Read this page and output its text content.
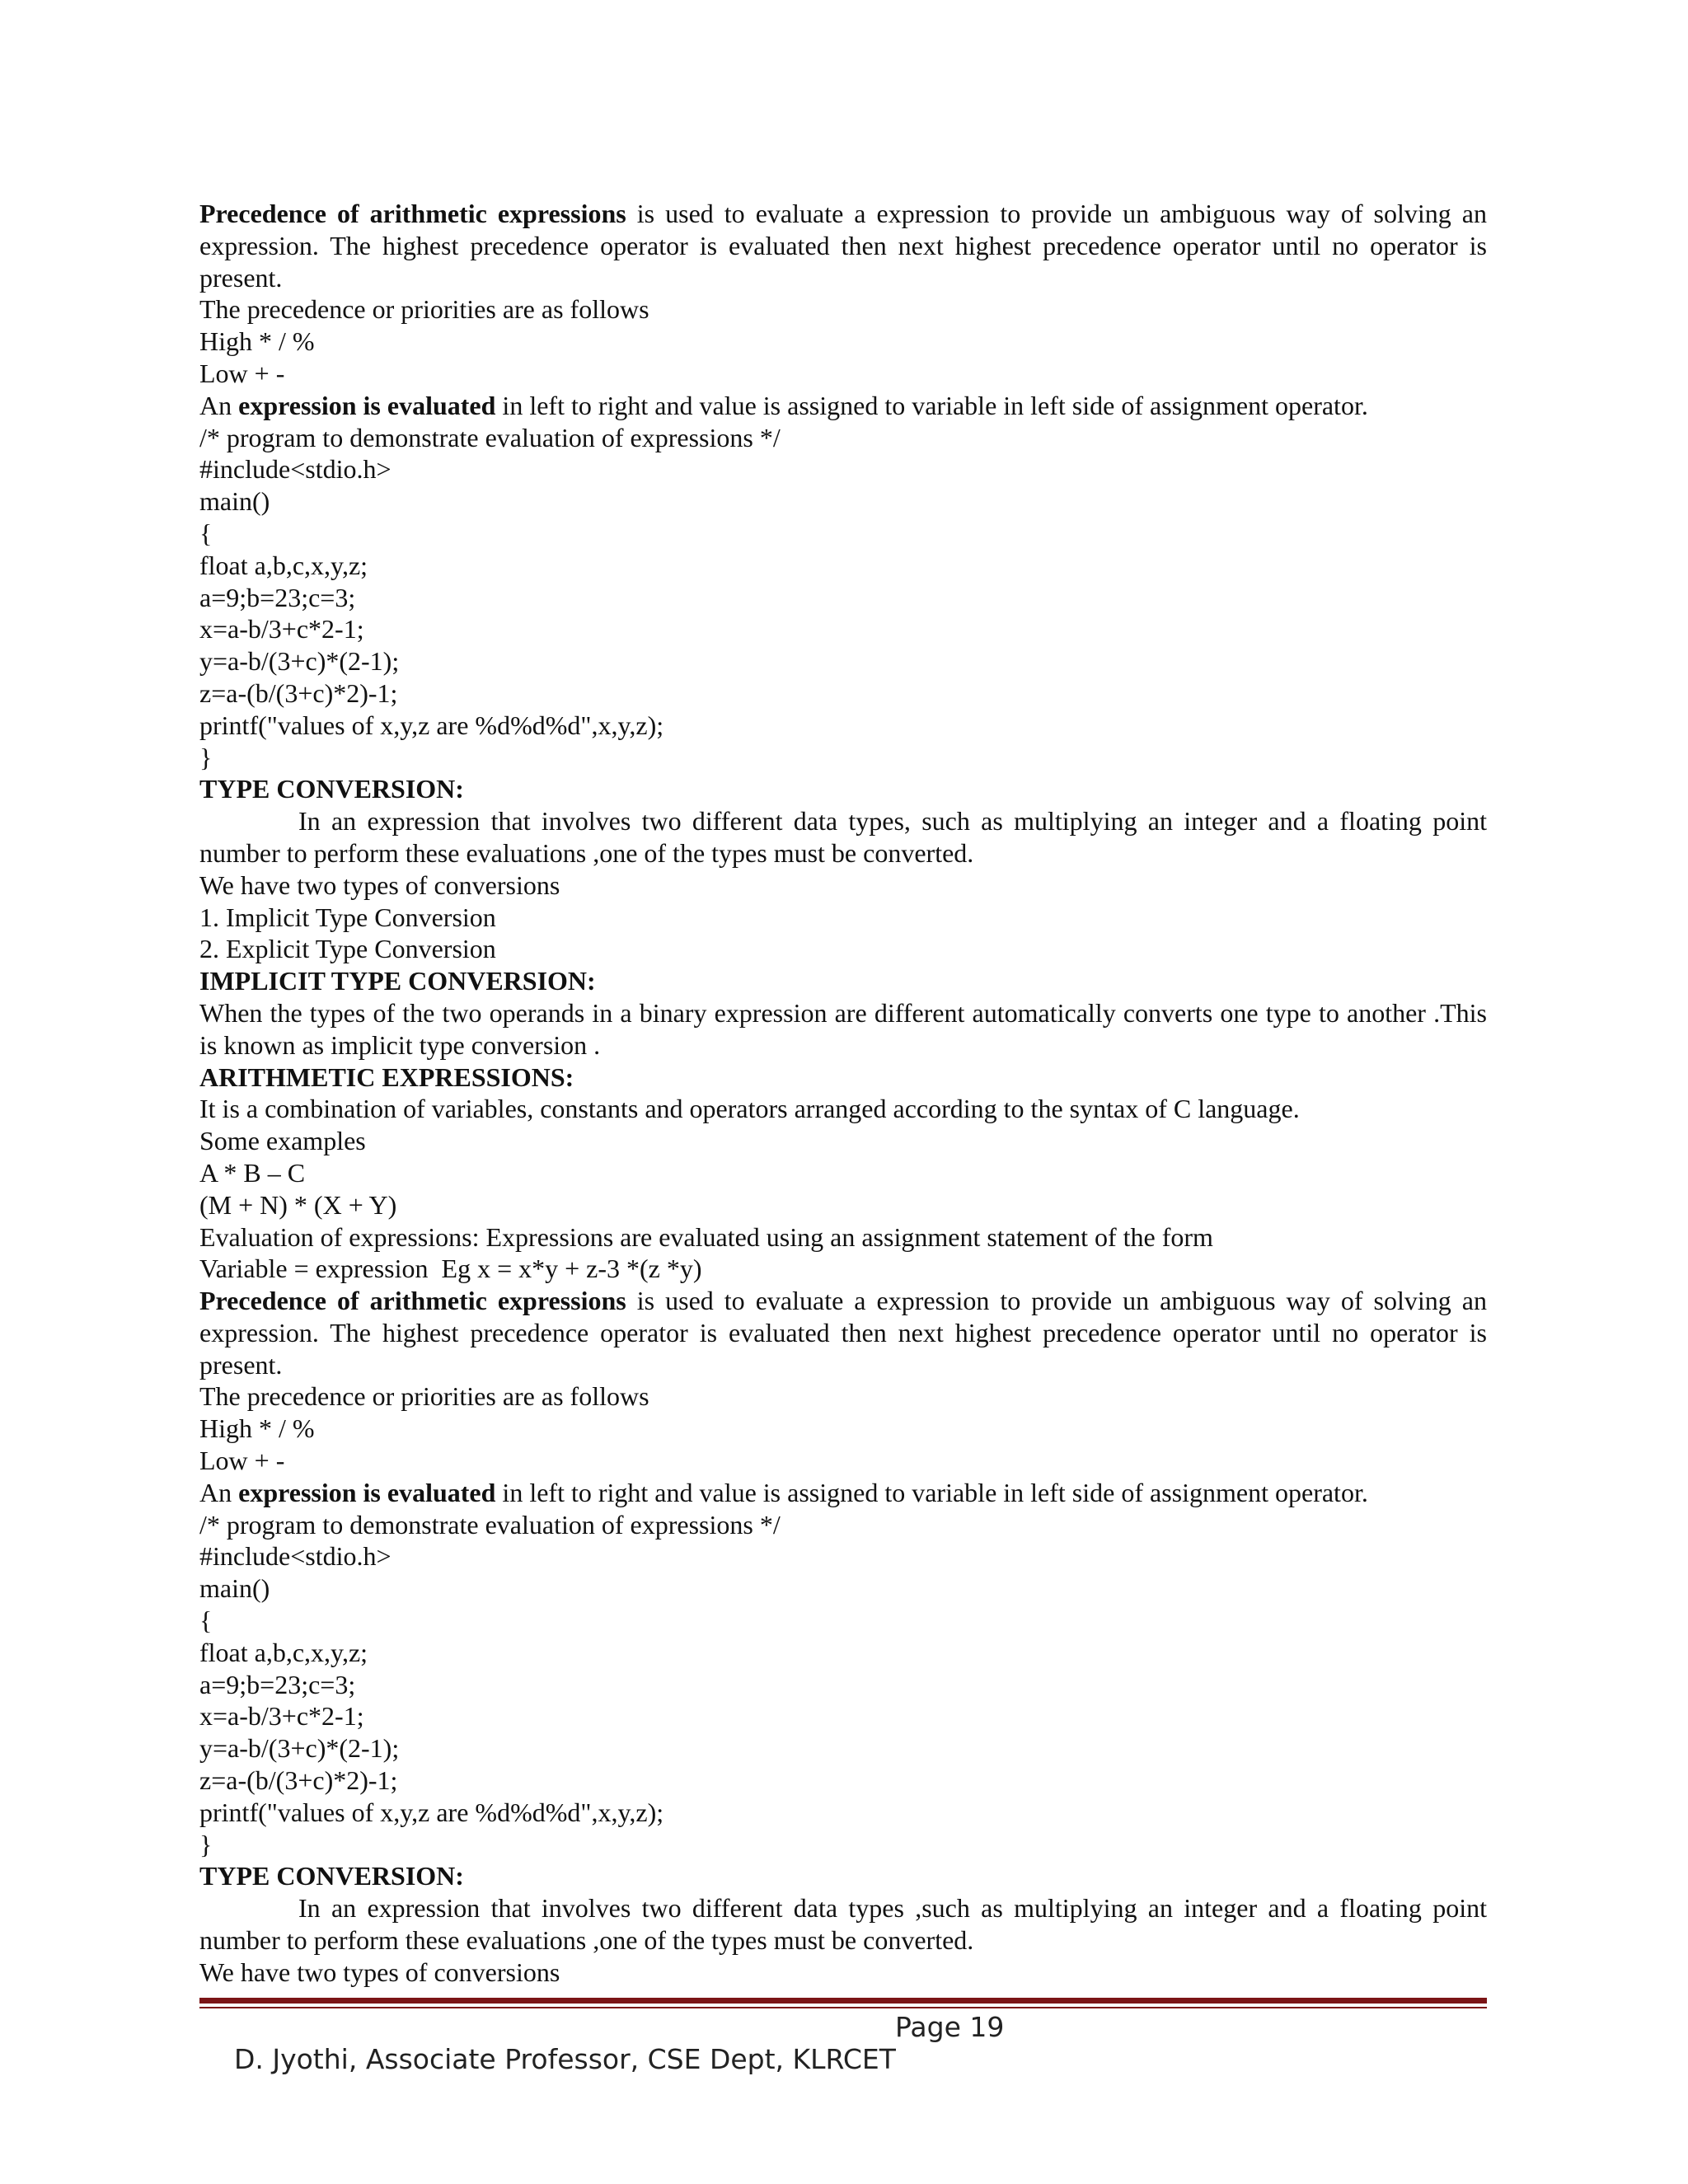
Precedence of arithmetic expressions is used to evaluate a expression to provide un ambiguous way of solving an expression. The highest precedence operator is evaluated then next highest precedence operator until no operator is present.
The precedence or priorities are as follows
High * / %
Low + -
An expression is evaluated in left to right and value is assigned to variable in left side of assignment operator.
/* program to demonstrate evaluation of expressions */
#include<stdio.h>
main()
{
float a,b,c,x,y,z;
a=9;b=23;c=3;
x=a-b/3+c*2-1;
y=a-b/(3+c)*(2-1);
z=a-(b/(3+c)*2)-1;
printf("values of x,y,z are %d%d%d",x,y,z);
}
TYPE CONVERSION:
In an expression that involves two different data types, such as multiplying an integer and a floating point number to perform these evaluations ,one of the types must be converted.
We have two types of conversions
1. Implicit Type Conversion
2. Explicit Type Conversion
IMPLICIT TYPE CONVERSION:
When the types of the two operands in a binary expression are different automatically converts one type to another .This is known as implicit type conversion .
ARITHMETIC EXPRESSIONS:
It is a combination of variables, constants and operators arranged according to the syntax of C language.
Some examples
A * B – C
(M + N) * (X + Y)
Evaluation of expressions: Expressions are evaluated using an assignment statement of the form
Variable = expression  Eg x = x*y + z-3 *(z *y)
Precedence of arithmetic expressions is used to evaluate a expression to provide un ambiguous way of solving an expression. The highest precedence operator is evaluated then next highest precedence operator until no operator is present.
The precedence or priorities are as follows
High * / %
Low + -
An expression is evaluated in left to right and value is assigned to variable in left side of assignment operator.
/* program to demonstrate evaluation of expressions */
#include<stdio.h>
main()
{
float a,b,c,x,y,z;
a=9;b=23;c=3;
x=a-b/3+c*2-1;
y=a-b/(3+c)*(2-1);
z=a-(b/(3+c)*2)-1;
printf("values of x,y,z are %d%d%d",x,y,z);
}
TYPE CONVERSION:
In an expression that involves two different data types ,such as multiplying an integer and a floating point number to perform these evaluations ,one of the types must be converted.
We have two types of conversions

D. Jyothi, Associate Professor, CSE Dept, KLRCET

Page 19
